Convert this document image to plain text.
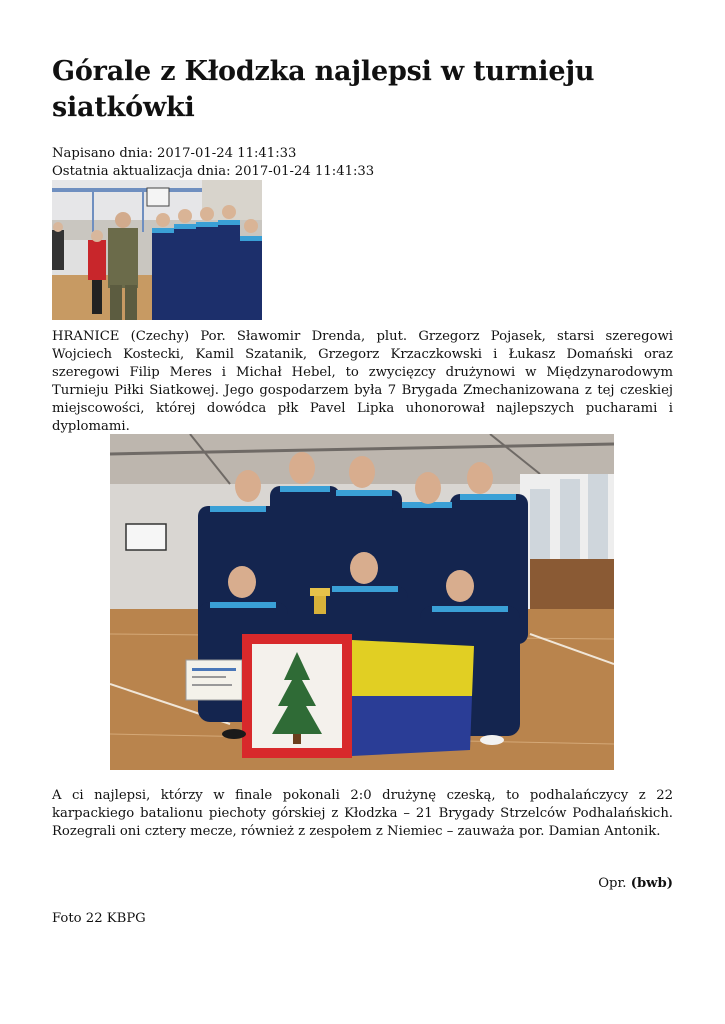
Górale z Kłodzka najlepsi w turnieju siatkówki
Napisano dnia: 2017-01-24 11:41:33
Ostatnia aktualizacja dnia: 2017-01-24 11:41:33

HRANICE (Czechy) Por. Sławomir Drenda, plut. Grzegorz Pojasek, starsi szeregowi Wojciech Kostecki, Kamil Szatanik, Grzegorz Krzaczkowski i Łukasz Domański oraz szeregowi Filip Meres i Michał Hebel, to zwycięzcy drużynowi w Międzynarodowym Turnieju Piłki Siatkowej. Jego gospodarzem była 7 Brygada Zmechanizowana z tej czeskiej miejscowości, której dowódca płk Pavel Lipka uhonorował najlepszych pucharami i dyplomami.

A ci najlepsi, którzy w finale pokonali 2:0 drużynę czeską, to podhalańczycy z 22 karpackiego batalionu piechoty górskiej z Kłodzka – 21 Brygady Strzelców Podhalańskich. Rozegrali oni cztery mecze, również z zespołem z Niemiec – zauważa por. Damian Antonik.

Opr. (bwb)
Foto 22 KBPG
